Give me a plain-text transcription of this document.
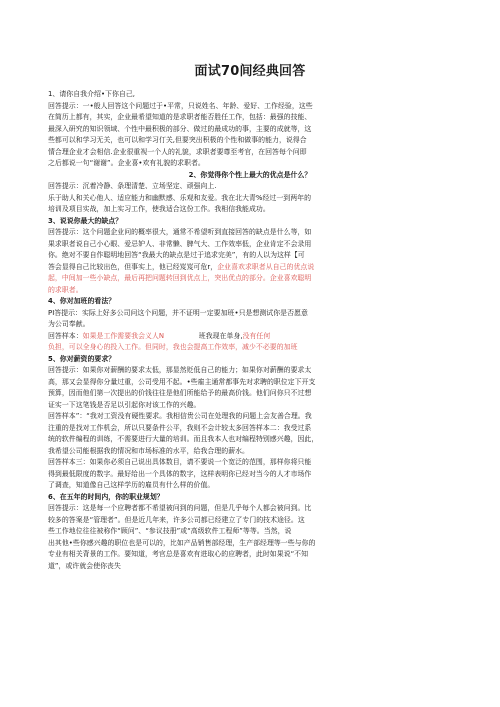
面试70间经典回答

1、请你自我介绍•下你自己,

回答提示：一•般人回答这个问题过于•平常，只说姓名、年龄、爱好、工作经验，这些

在简历上都有，其实，企业最希望知道的是求职者能否胜任工作，包括：最强的技能、

最深入研究的知识领域、个性中最积极的部分、做过的最成功的事，主要的成就等，这

些都可以和学习无关，也可以和学习仃关,但要突出积极的个性和做事的能力，说得合

情合理企业才会相信.企业很重视一个人的礼貌，求职者要尊至考官，在回答每个问即

之后都说一句“谢谢”。企业喜•欢有礼貌的求职者。

2、你觉得你个性上最大的优点是什么？

回答提示：沉着冷静、条理清楚、立场坚定、顽强向上.

乐于助人和关心他人、适应能力和幽默感、乐观和友爱。我在北大青%经过一到两年的

培训及项目实战，加上实习工作，使我适合这份工作。我相信我能成功。

3、说说你最大的缺点？

回答提示：这个问题企业问的概率很大，通常不希望听到直接回答的缺点是什么等，如

果求职者说自己小心眼、爱忌妒人、非常懒、脾气大、工作效率低，企业肯定不会录用

你。绝对不要自作聪明地回答“我最大的缺点是过于追求完美”，有的人以为这样【可

答会显得自己比较出色，但事实上，他已经岌岌可危r，企业喜欢求职者从自己的优点说

起，中间加一些小缺点，最后再把问题转回到优点上，突出优点的部分。企业喜欢聪明

的求职者。

4、你对加班的看法？

PI答提示：实际上好多公司问这个问题，并不证明一定要加班•只是想测试你是否愿意

为公司奉献。

回答样本：如果是工作需要我会义人N　　　　　班我现在单身,没有任何

负担，可以全身心的投入工作。但同时，我也会提高工作效率，减少不必要的加班

5、你对薪资的要求？

回答提示：如果你对薪酬的要求太低，那显然贬低自己的能力；如果你对薪酬的要求太

高，那又会显得你分量过重，公司受用不起。•些雇主通常都事先对求聘的职位定下开支

预算，因而他们第一次提出的价钱往往是他们所能给予的最高价钱。他们问你只不过想

证实一下这笔钱是否足以引起你对该工作的兴趣。

回答样本”：“我对工资没有硬性要求。我相信贵公司在处理我的问题上会友善合理。我

注重的是找对工作机会，所以只要条件公平，我则不会计较太多回答样本二：我受过系

统的软件编程的训练，不需要进行大量的培训。而且我本人也对编程特别感兴趣，因此，

我希望公司能根据我的情况和市场标准的水平，给我合理的薪水。

回答样本三：如果你必须自己说出具体数目，请不要说一个宽泛的范围，那样你将只能

得到最低限度的数字。最好给出一个具体的数字，这样表明你已经对当今的人才市场作

了调查，知道像自己这样学历的雇员有什么样的价值。

6、在五年的时间内，你的职业规划？

回答提示：这是每一个应聘者都不希望被问到的问题，但是几乎每个人都会被问到。比

较多的答案是“管理者”。但是近几年来，许多公司都已经建立了专门的技术途径。这

些工作地位往往被称作“顾问”、“参议技册”或“高级软件工程师”等等。当然，说

出其他•些你感兴趣的职位也是可以的，比如产品销售部经理，生产部经理等一些与你的

专业有相关背景的工作。要知道，考官总是喜欢有进取心的应聘者，此时如果说“不知

道”，或许就会使你丧失
